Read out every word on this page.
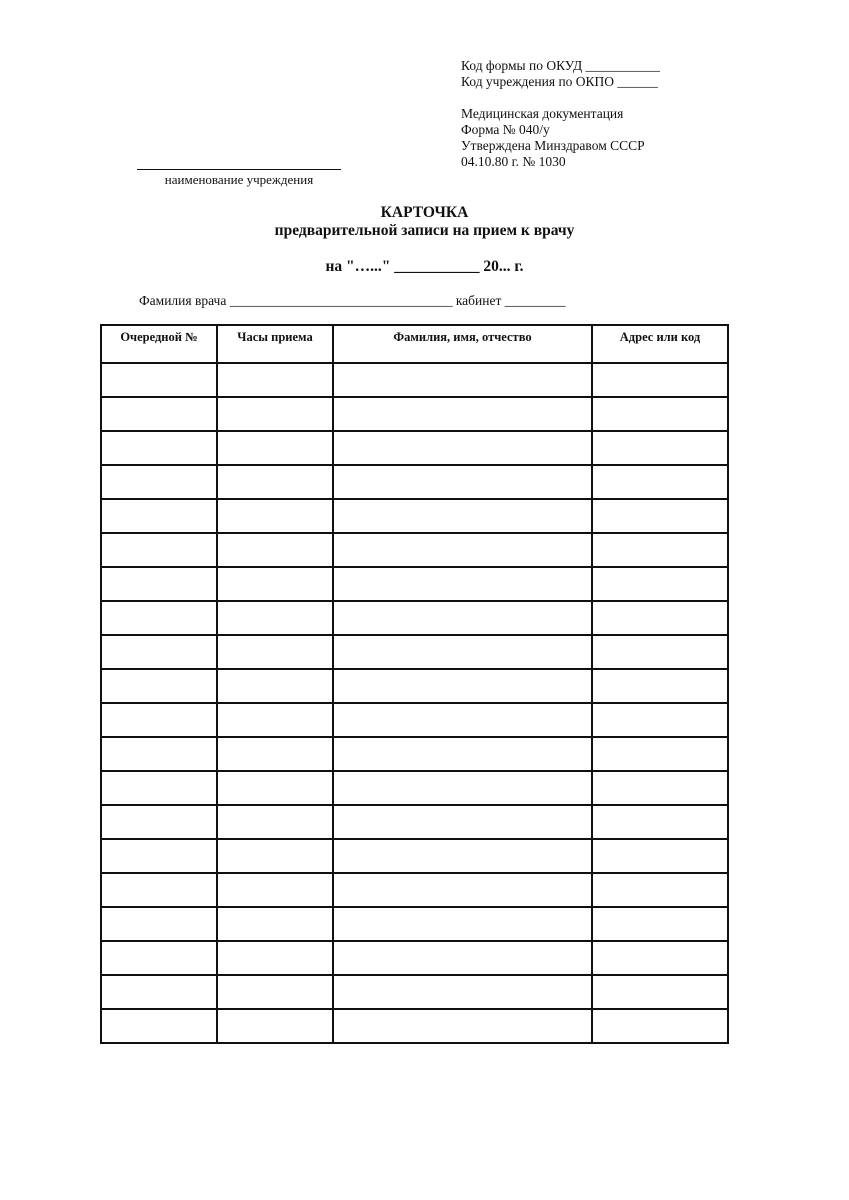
Код формы по ОКУД ___________
Код учреждения по ОКПО ______
Медицинская документация
Форма № 040/у
Утверждена Минздравом СССР
04.10.80 г. № 1030
наименование учреждения
КАРТОЧКА
предварительной записи на прием к врачу
на "…..." ___________ 20... г.
Фамилия врача _________________________________ кабинет _________
Очередной №	Часы приема	Фамилия, имя, отчество	Адрес или код
